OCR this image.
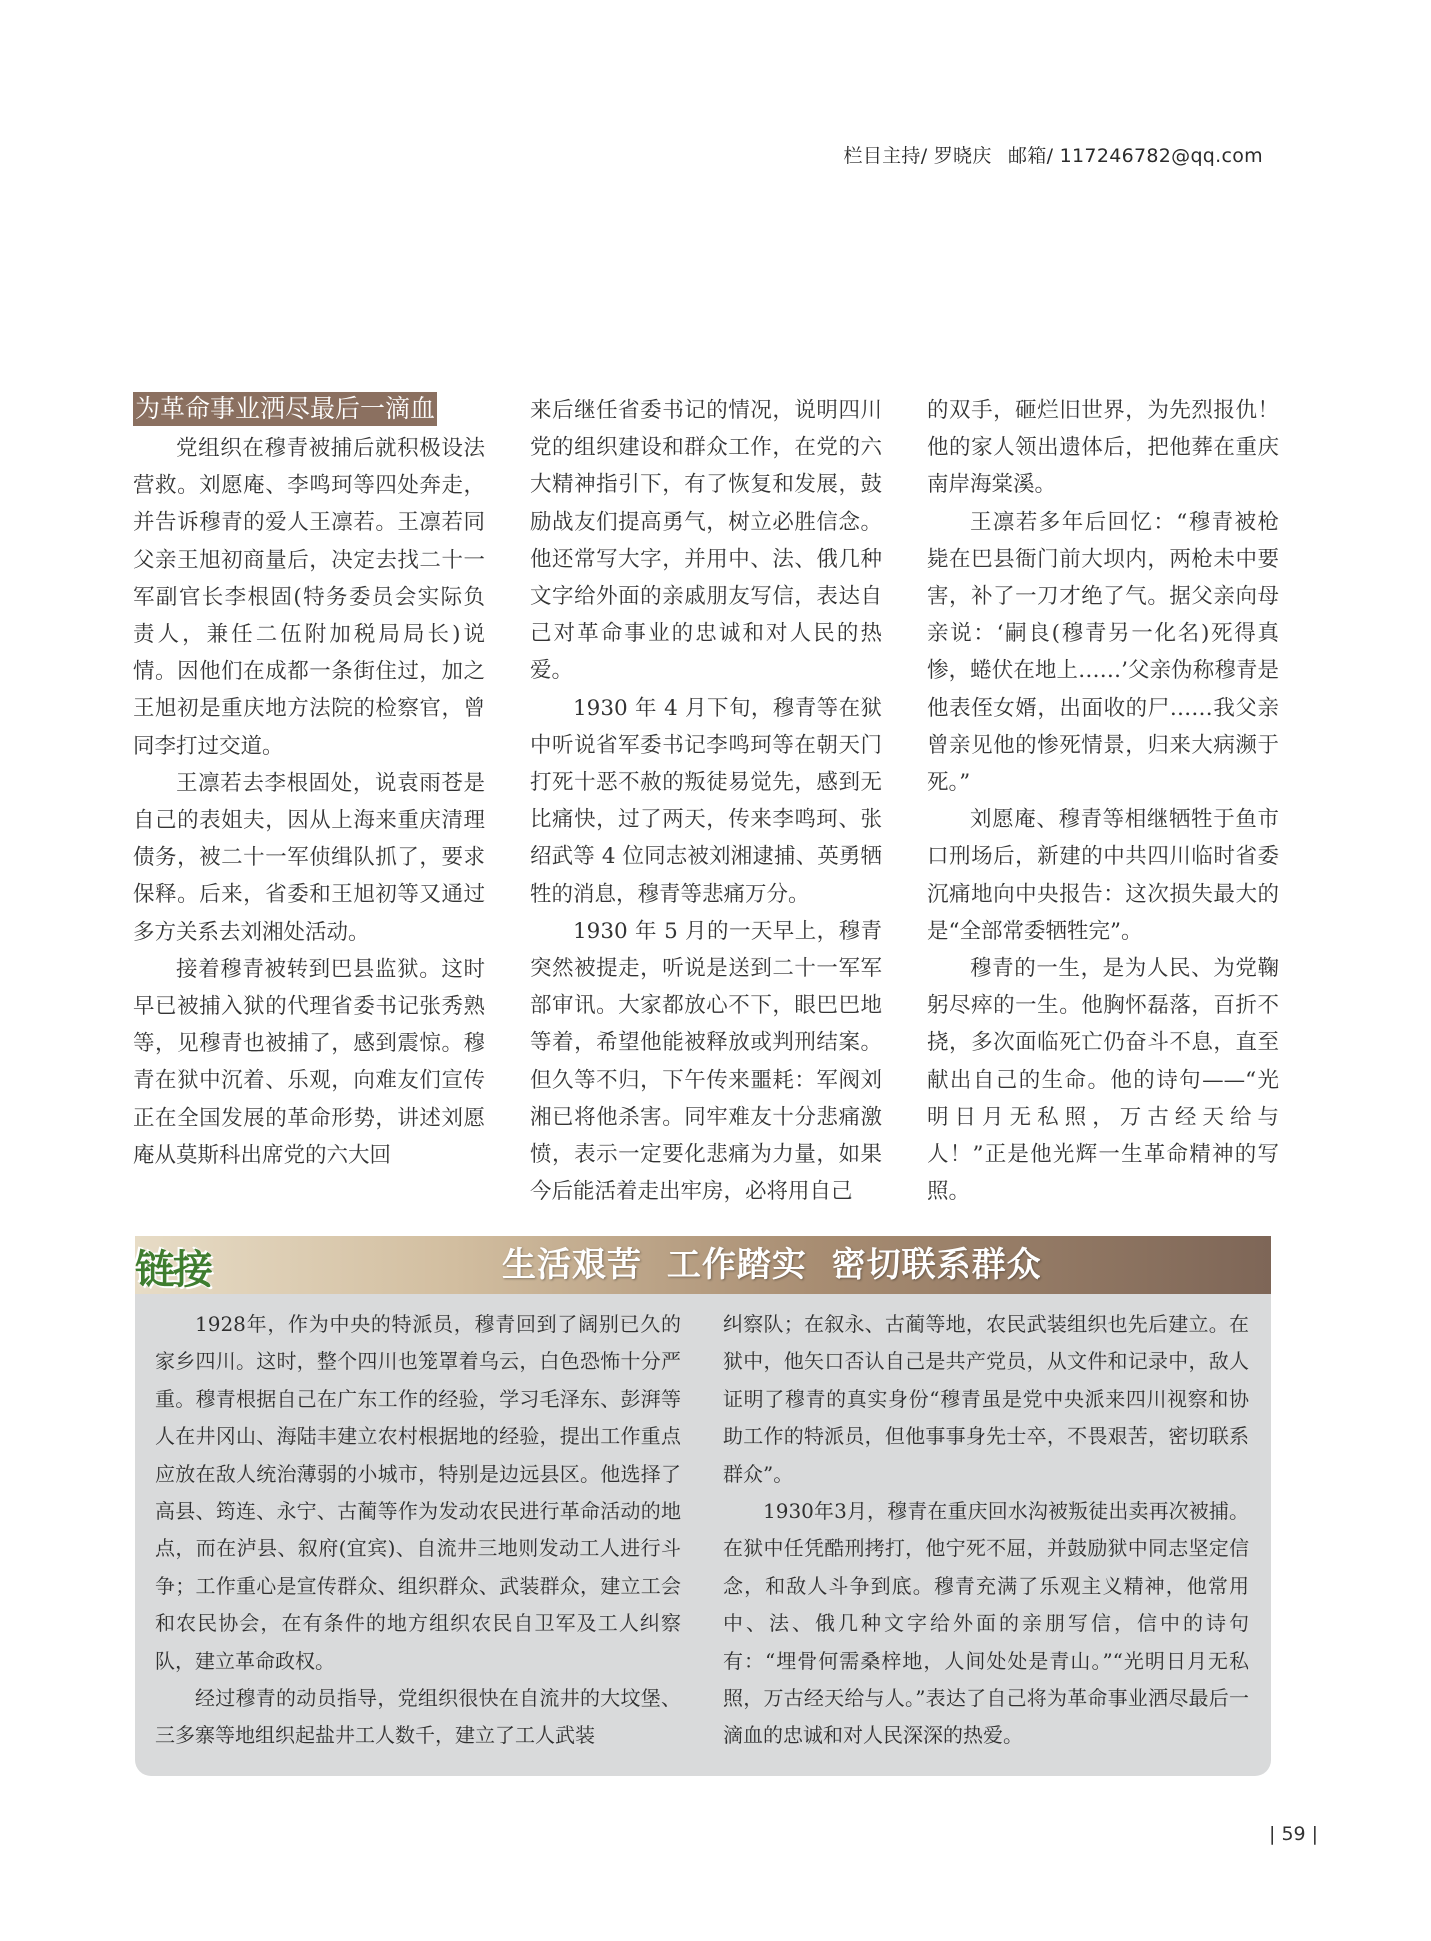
栏目主持/ 罗晓庆 邮箱/ 117246782@qq.com
为革命事业洒尽最后一滴血

党组织在穆青被捕后就积极设法营救。刘愿庵、李鸣珂等四处奔走，并告诉穆青的爱人王凛若。王凛若同父亲王旭初商量后，决定去找二十一军副官长李根固(特务委员会实际负责人，兼任二伍附加税局局长)说情。因他们在成都一条街住过，加之王旭初是重庆地方法院的检察官，曾同李打过交道。

王凛若去李根固处，说袁雨苍是自己的表姐夫，因从上海来重庆清理债务，被二十一军侦缉队抓了，要求保释。后来，省委和王旭初等又通过多方关系去刘湘处活动。

接着穆青被转到巴县监狱。这时早已被捕入狱的代理省委书记张秀熟等，见穆青也被捕了，感到震惊。穆青在狱中沉着、乐观，向难友们宣传正在全国发展的革命形势，讲述刘愿庵从莫斯科出席党的六大回

来后继任省委书记的情况，说明四川党的组织建设和群众工作，在党的六大精神指引下，有了恢复和发展，鼓励战友们提高勇气，树立必胜信念。他还常写大字，并用中、法、俄几种文字给外面的亲戚朋友写信，表达自己对革命事业的忠诚和对人民的热爱。

1930 年 4 月下旬，穆青等在狱中听说省军委书记李鸣珂等在朝天门打死十恶不赦的叛徒易觉先，感到无比痛快，过了两天，传来李鸣珂、张绍武等 4 位同志被刘湘逮捕、英勇牺牲的消息，穆青等悲痛万分。

1930 年 5 月的一天早上，穆青突然被提走，听说是送到二十一军军部审讯。大家都放心不下，眼巴巴地等着，希望他能被释放或判刑结案。但久等不归，下午传来噩耗：军阀刘湘已将他杀害。同牢难友十分悲痛激愤，表示一定要化悲痛为力量，如果今后能活着走出牢房，必将用自己

的双手，砸烂旧世界，为先烈报仇！他的家人领出遗体后，把他葬在重庆南岸海棠溪。

王凛若多年后回忆：“穆青被枪毙在巴县衙门前大坝内，两枪未中要害，补了一刀才绝了气。据父亲向母亲说：‘嗣良(穆青另一化名)死得真惨，蜷伏在地上……’父亲伪称穆青是他表侄女婿，出面收的尸……我父亲曾亲见他的惨死情景，归来大病濒于死。”

刘愿庵、穆青等相继牺牲于鱼市口刑场后，新建的中共四川临时省委沉痛地向中央报告：这次损失最大的是“全部常委牺牲完”。

穆青的一生，是为人民、为党鞠躬尽瘁的一生。他胸怀磊落，百折不挠，多次面临死亡仍奋斗不息，直至献出自己的生命。他的诗句——“光明日月无私照，万古经天给与人！”正是他光辉一生革命精神的写照。

链接	生活艰苦 工作踏实 密切联系群众

1928年，作为中央的特派员，穆青回到了阔别已久的家乡四川。这时，整个四川也笼罩着乌云，白色恐怖十分严重。穆青根据自己在广东工作的经验，学习毛泽东、彭湃等人在井冈山、海陆丰建立农村根据地的经验，提出工作重点应放在敌人统治薄弱的小城市，特别是边远县区。他选择了高县、筠连、永宁、古蔺等作为发动农民进行革命活动的地点，而在泸县、叙府(宜宾)、自流井三地则发动工人进行斗争；工作重心是宣传群众、组织群众、武装群众，建立工会和农民协会，在有条件的地方组织农民自卫军及工人纠察队，建立革命政权。

经过穆青的动员指导，党组织很快在自流井的大坟堡、三多寨等地组织起盐井工人数千，建立了工人武装

纠察队；在叙永、古蔺等地，农民武装组织也先后建立。在狱中，他矢口否认自己是共产党员，从文件和记录中，敌人证明了穆青的真实身份“穆青虽是党中央派来四川视察和协助工作的特派员，但他事事身先士卒，不畏艰苦，密切联系群众”。

1930年3月，穆青在重庆回水沟被叛徒出卖再次被捕。在狱中任凭酷刑拷打，他宁死不屈，并鼓励狱中同志坚定信念，和敌人斗争到底。穆青充满了乐观主义精神，他常用中、法、俄几种文字给外面的亲朋写信，信中的诗句有：“埋骨何需桑梓地，人间处处是青山。”“光明日月无私照，万古经天给与人。”表达了自己将为革命事业洒尽最后一滴血的忠诚和对人民深深的热爱。

| 59 |
